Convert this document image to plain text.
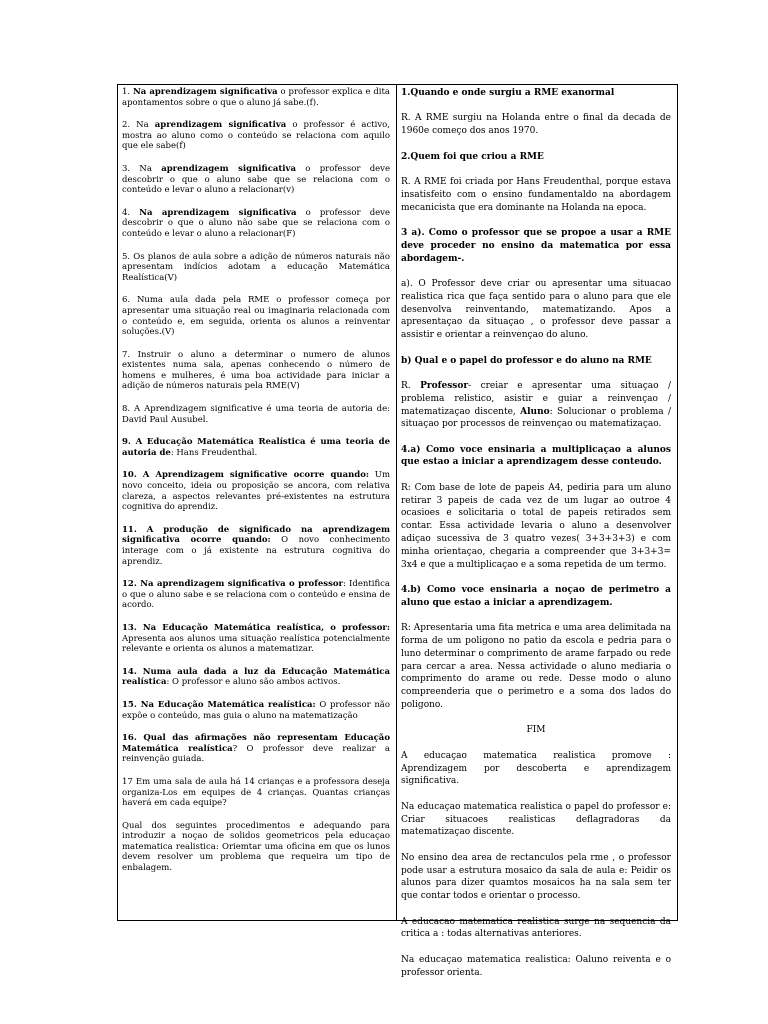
1. Na aprendizagem significativa o professor explica e dita apontamentos sobre o que o aluno já sabe.(f).

2. Na aprendizagem significativa o professor é activo, mostra ao aluno como o conteúdo se relaciona com aquilo que ele sabe(f)

3. Na aprendizagem significativa o professor deve descobrir o que o aluno sabe que se relaciona com o conteúdo e levar o aluno a relacionar(v)

4. Na aprendizagem significativa o professor deve descobrir o que o aluno não sabe que se relaciona com o conteúdo e levar o aluno a relacionar(F)

5. Os planos de aula sobre a adição de números naturais não apresentam indícios adotam a educação Matemática Realística(V)

6. Numa aula dada pela RME o professor começa por apresentar uma situação real ou imaginaria relacionada com o conteúdo e, em seguida, orienta os alunos a reinventar soluções.(V)

7. Instruir o aluno a determinar o numero de alunos existentes numa sala, apenas conhecendo o número de homens e mulheres, é uma boa actividade para iniciar a adição de números naturais pela RME(V)

8. A Aprendizagem significative é uma teoria de autoria de: David Paul Ausubel.

9. A Educação Matemática Realística é uma teoria de autoria de: Hans Freudenthal.

10. A Aprendizagem significative ocorre quando: Um novo conceito, ideia ou proposição se ancora, com relativa clareza, a aspectos relevantes pré-existentes na estrutura cognitiva do aprendiz.

11. A produção de significado na aprendizagem significativa ocorre quando: O novo conhecimento interage com o já existente na estrutura cognitiva do aprendiz.

12. Na aprendizagem significativa o professor: Identifica o que o aluno sabe e se relaciona com o conteúdo e ensina de acordo.

13. Na Educação Matemática realística, o professor: Apresenta aos alunos uma situação realística potencialmente relevante e orienta os alunos a matematizar.

14. Numa aula dada a luz da Educação Matemática realística: O professor e aluno são ambos activos.

15. Na Educação Matemática realística: O professor não expõe o conteúdo, mas guia o aluno na matematização

16. Qual das afirmações não representam Educação Matemática realística? O professor deve realizar a reinvenção guiada.

17 Em uma sala de aula há 14 crianças e a professora deseja organiza-Los em equipes de 4 crianças. Quantas crianças haverá em cada equipe?

Qual dos seguintes procedimentos e adequando para introduzir a noçao de solidos geometricos pela educaçao matematica realistica: Oriemtar uma oficina em que os lunos devem resolver um problema que requeira um tipo de enbalagem.

1.Quando e onde surgiu a RME exanormal

R. A RME surgiu na Holanda entre o final da decada de 1960e começo dos anos 1970.

2.Quem foi que criou a RME

R. A RME foi criada por Hans Freudenthal, porque estava insatisfeito com o ensino fundamentaldo na abordagem mecanicista que era dominante na Holanda na epoca.

3 a). Como o professor que se propoe a usar a RME deve proceder no ensino da matematica por essa abordagem-.

a). O Professor deve criar ou apresentar uma situacao realistica rica que faça sentido para o aluno para que ele desenvolva reinventando, matematizando. Apos a apresentaçao da situaçao , o professor deve passar a assistir e orientar a reinvençao do aluno.

b) Qual e o papel do professor e do aluno na RME

R. Professor- creiar e apresentar uma situaçao / problema relistico, asistir e guiar a reinvençao / matematizaçao discente, Aluno: Solucionar o problema / situaçao por processos de reinvençao ou matematizaçao.

4.a) Como voce ensinaria a multiplicaçao a alunos que estao a iniciar a aprendizagem desse conteudo.

R: Com base de lote de papeis A4, pediria para um aluno retirar 3 papeis de cada vez de um lugar ao outroe 4 ocasioes e solicitaria o total de papeis retirados sem contar. Essa actividade levaria o aluno a desenvolver adiçao sucessiva de 3 quatro vezes( 3+3+3+3) e com minha orientaçao, chegaria a compreender que 3+3+3= 3x4 e que a multiplicaçao e a soma repetida de um termo.

4.b) Como voce ensinaria a noçao de perimetro a aluno que estao a iniciar a aprendizagem.

R: Apresentaria uma fita metrica e uma area delimitada na forma de um poligono no patio da escola e pedria para o luno determinar o comprimento de arame farpado ou rede para cercar a area. Nessa actividade o aluno mediaria o comprimento do arame ou rede. Desse modo o aluno compreenderia que o perimetro e a soma dos lados do poligono.

FIM

A educaçao matematica realistica promove : Aprendizagem por descoberta e aprendizagem significativa.

Na educaçao matematica realistica o papel do professor e: Criar situacoes realisticas deflagradoras da matematizaçao discente.

No ensino dea area de rectanculos pela rme , o professor pode usar a estrutura mosaico da sala de aula e: Peidir os alunos para dizer quamtos mosaicos ha na sala sem ter que contar todos e orientar o processo.

A educacao matematica realistica surge na sequencia da critica a : todas alternativas anteriores.

Na educaçao matematica realistica: Oaluno reiventa e o professor orienta.
